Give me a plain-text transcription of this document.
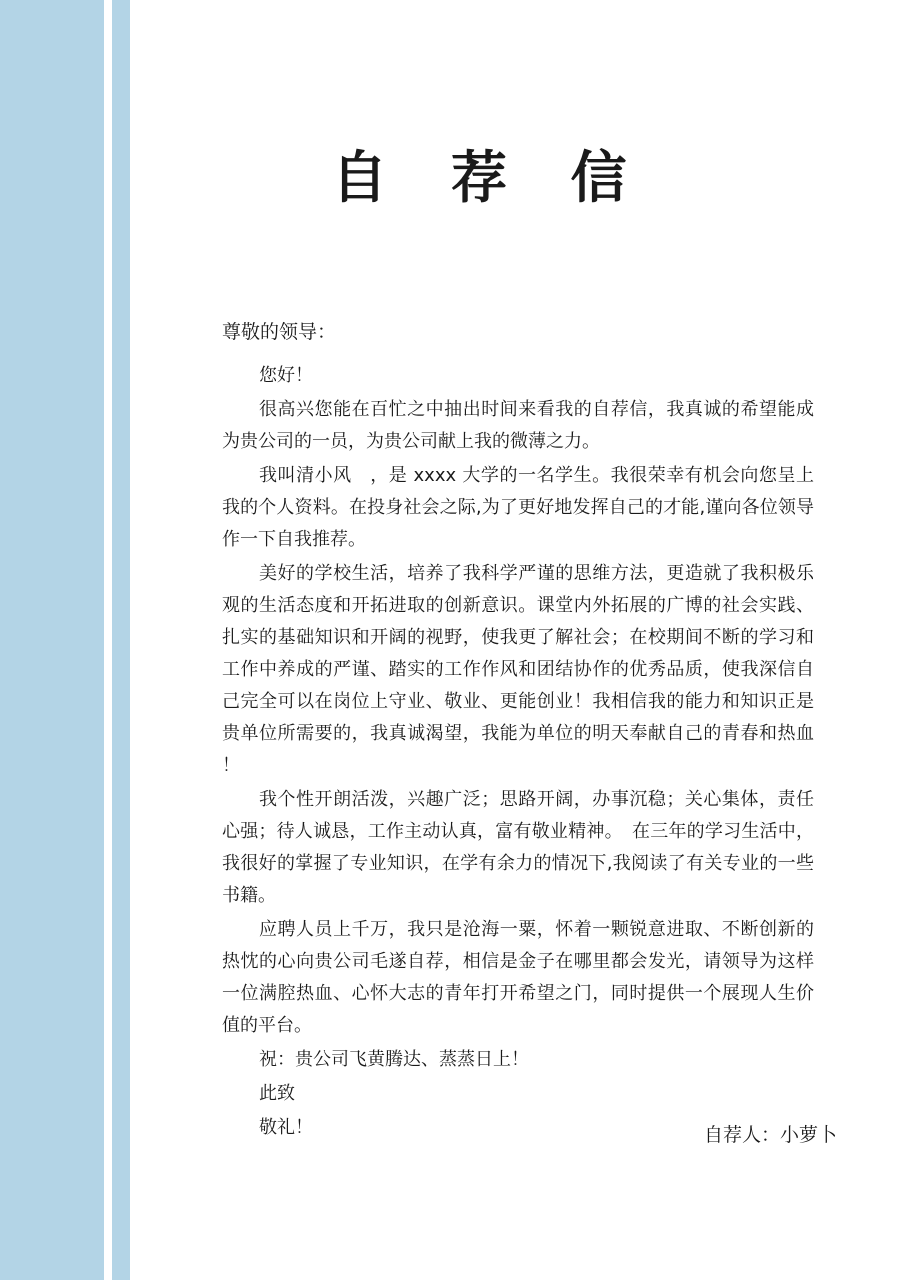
自 荐 信

尊敬的领导：

您好！

很高兴您能在百忙之中抽出时间来看我的自荐信，我真诚的希望能成为贵公司的一员，为贵公司献上我的微薄之力。

我叫清小风　，是 xxxx 大学的一名学生。我很荣幸有机会向您呈上我的个人资料。在投身社会之际,为了更好地发挥自己的才能,谨向各位领导作一下自我推荐。

美好的学校生活，培养了我科学严谨的思维方法，更造就了我积极乐观的生活态度和开拓进取的创新意识。课堂内外拓展的广博的社会实践、扎实的基础知识和开阔的视野，使我更了解社会；在校期间不断的学习和工作中养成的严谨、踏实的工作作风和团结协作的优秀品质，使我深信自己完全可以在岗位上守业、敬业、更能创业！我相信我的能力和知识正是贵单位所需要的，我真诚渴望，我能为单位的明天奉献自己的青春和热血！

我个性开朗活泼，兴趣广泛；思路开阔，办事沉稳；关心集体，责任心强；待人诚恳，工作主动认真，富有敬业精神。　在三年的学习生活中，我很好的掌握了专业知识，在学有余力的情况下,我阅读了有关专业的一些书籍。

应聘人员上千万，我只是沧海一粟，怀着一颗锐意进取、不断创新的热忱的心向贵公司毛遂自荐，相信是金子在哪里都会发光，请领导为这样一位满腔热血、心怀大志的青年打开希望之门，同时提供一个展现人生价值的平台。

祝：贵公司飞黄腾达、蒸蒸日上！

此致

敬礼！	自荐人：小萝卜
